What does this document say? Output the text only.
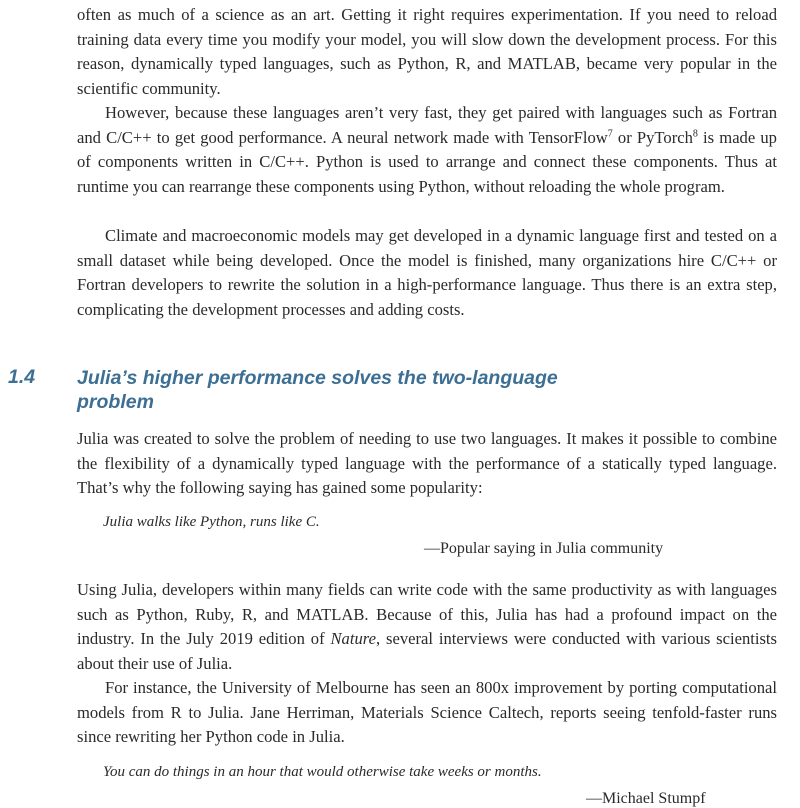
often as much of a science as an art. Getting it right requires experimentation. If you need to reload training data every time you modify your model, you will slow down the development process. For this reason, dynamically typed languages, such as Python, R, and MATLAB, became very popular in the scientific community.

However, because these languages aren’t very fast, they get paired with languages such as Fortran and C/C++ to get good performance. A neural network made with TensorFlow$^7$ or PyTorch$^8$ is made up of components written in C/C++. Python is used to arrange and connect these components. Thus at runtime you can rearrange these components using Python, without reloading the whole program.

Climate and macroeconomic models may get developed in a dynamic language first and tested on a small dataset while being developed. Once the model is finished, many organizations hire C/C++ or Fortran developers to rewrite the solution in a high-performance language. Thus there is an extra step, complicating the development processes and adding costs.

1.4 Julia’s higher performance solves the two-language problem

Julia was created to solve the problem of needing to use two languages. It makes it possible to combine the flexibility of a dynamically typed language with the performance of a statically typed language. That’s why the following saying has gained some popularity:

Julia walks like Python, runs like C.

—Popular saying in Julia community

Using Julia, developers within many fields can write code with the same productivity as with languages such as Python, Ruby, R, and MATLAB. Because of this, Julia has had a profound impact on the industry. In the July 2019 edition of Nature, several interviews were conducted with various scientists about their use of Julia.

For instance, the University of Melbourne has seen an 800x improvement by porting computational models from R to Julia. Jane Herriman, Materials Science Caltech, reports seeing tenfold-faster runs since rewriting her Python code in Julia.

You can do things in an hour that would otherwise take weeks or months.

—Michael Stumpf
